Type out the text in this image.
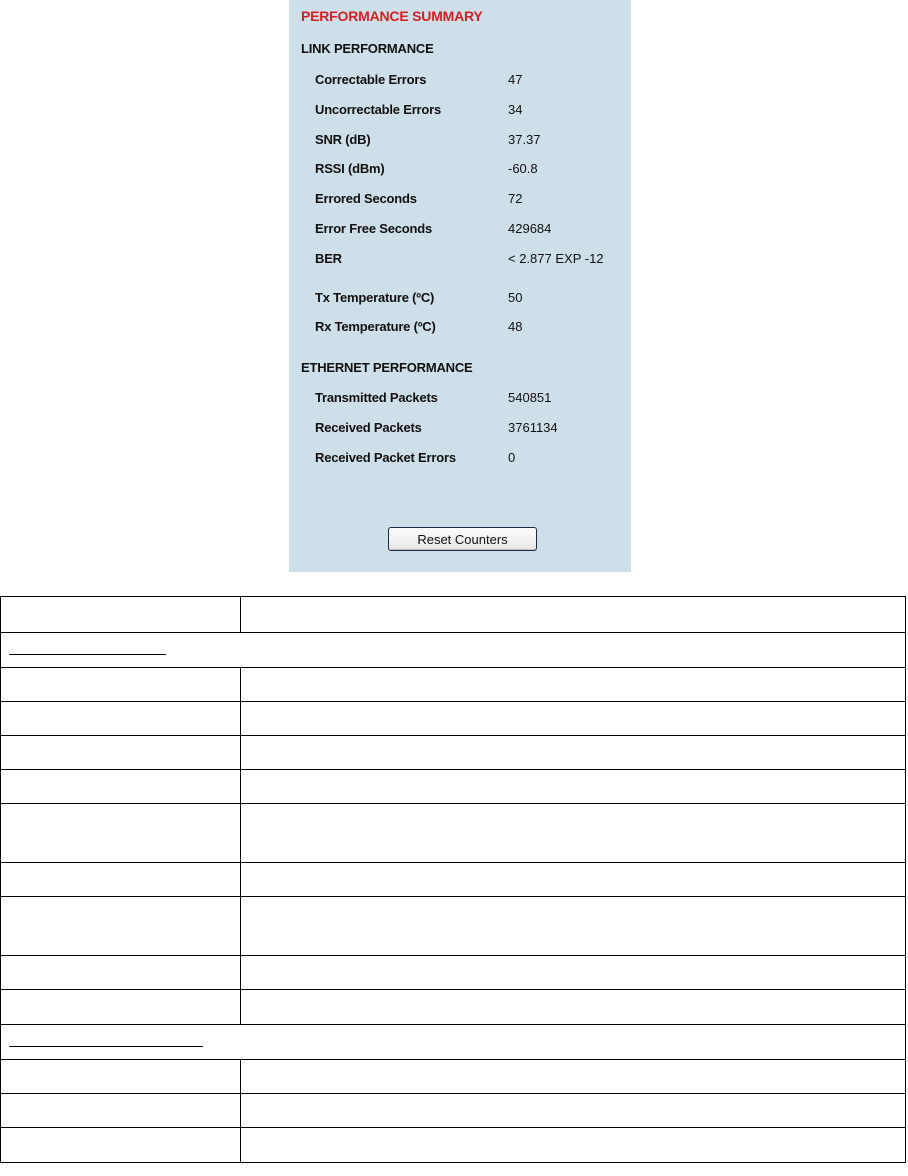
PERFORMANCE SUMMARY
LINK PERFORMANCE
Correctable Errors	47
Uncorrectable Errors	34
SNR (dB)	37.37
RSSI (dBm)	-60.8
Errored Seconds	72
Error Free Seconds	429684
BER	< 2.877 EXP -12
Tx Temperature (ºC)	50
Rx Temperature (ºC)	48
ETHERNET PERFORMANCE
Transmitted Packets	540851
Received Packets	3761134
Received Packet Errors	0
Reset Counters
